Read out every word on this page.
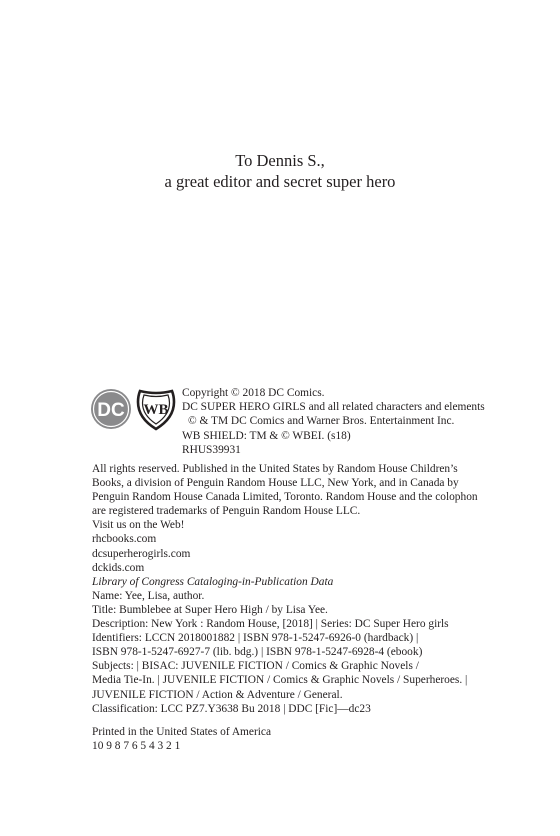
To Dennis S.,
a great editor and secret super hero
DC WB
Copyright © 2018 DC Comics.
DC SUPER HERO GIRLS and all related characters and elements
© & TM DC Comics and Warner Bros. Entertainment Inc.
WB SHIELD: TM & © WBEI. (s18)
RHUS39931
All rights reserved. Published in the United States by Random House Children’s
Books, a division of Penguin Random House LLC, New York, and in Canada by
Penguin Random House Canada Limited, Toronto. Random House and the colophon
are registered trademarks of Penguin Random House LLC.
Visit us on the Web!
rhcbooks.com
dcsuperherogirls.com
dckids.com
Library of Congress Cataloging-in-Publication Data
Name: Yee, Lisa, author.
Title: Bumblebee at Super Hero High / by Lisa Yee.
Description: New York : Random House, [2018] | Series: DC Super Hero girls
Identifiers: LCCN 2018001882 | ISBN 978-1-5247-6926-0 (hardback) |
ISBN 978-1-5247-6927-7 (lib. bdg.) | ISBN 978-1-5247-6928-4 (ebook)
Subjects: | BISAC: JUVENILE FICTION / Comics & Graphic Novels /
Media Tie-In. | JUVENILE FICTION / Comics & Graphic Novels / Superheroes. |
JUVENILE FICTION / Action & Adventure / General.
Classification: LCC PZ7.Y3638 Bu 2018 | DDC [Fic]—dc23
Printed in the United States of America
10 9 8 7 6 5 4 3 2 1
